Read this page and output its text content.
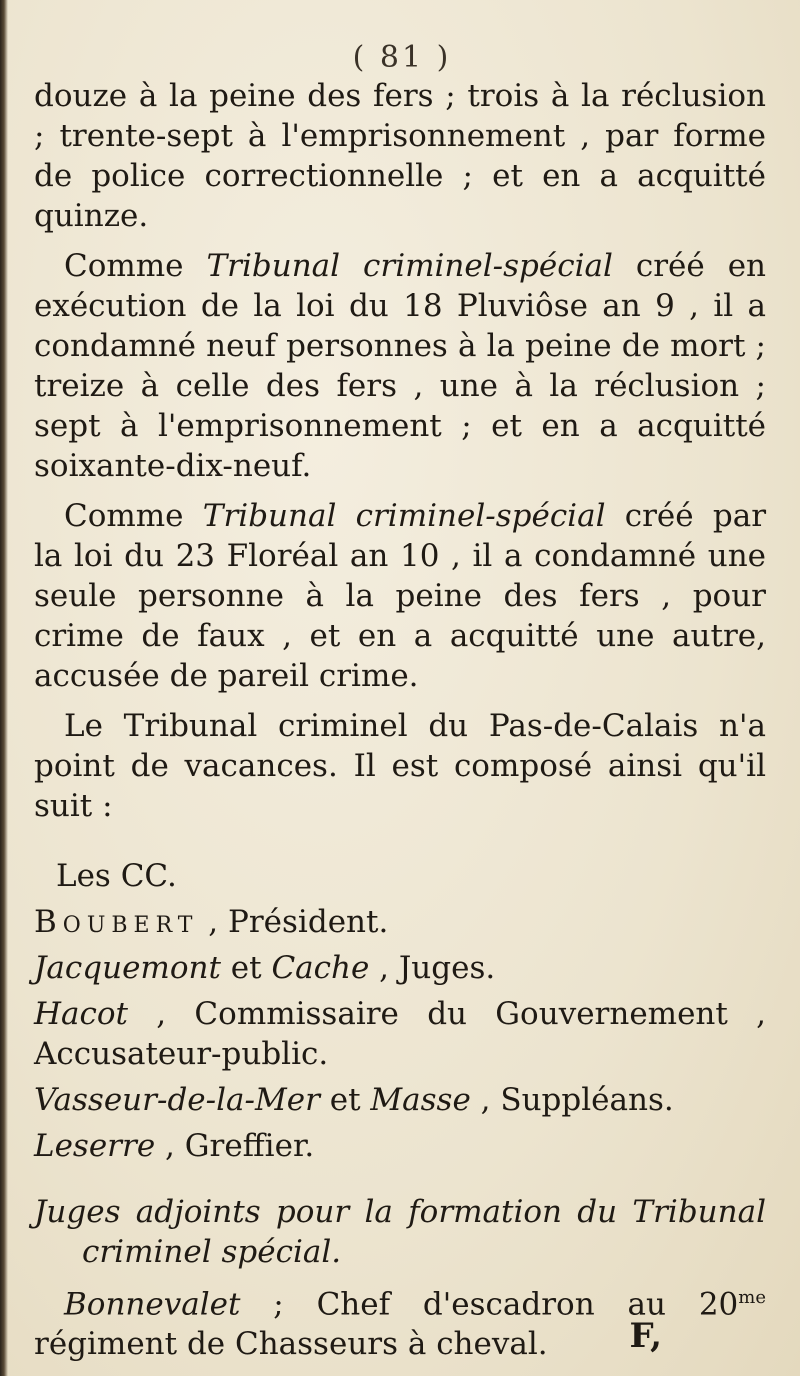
( 81 )

douze à la peine des fers ; trois à la réclusion ; trente-sept à l'emprisonnement , par forme de police correctionnelle ; et en a acquitté quinze.

Comme Tribunal criminel-spécial créé en exécution de la loi du 18 Pluviôse an 9 , il a condamné neuf personnes à la peine de mort ; treize à celle des fers , une à la réclusion ; sept à l'emprisonnement ; et en a acquitté soixante-dix-neuf.

Comme Tribunal criminel-spécial créé par la loi du 23 Floréal an 10 , il a condamné une seule personne à la peine des fers , pour crime de faux , et en a acquitté une autre, accusée de pareil crime.

Le Tribunal criminel du Pas-de-Calais n'a point de vacances. Il est composé ainsi qu'il suit :

Les CC.
Boubert , Président.
Jacquemont et Cache , Juges.
Hacot , Commissaire du Gouvernement , Accusateur-public.
Vasseur-de-la-Mer et Masse , Suppléans.
Leserre , Greffier.
Juges adjoints pour la formation du Tribunal criminel spécial.
Bonnevalet ; Chef d'escadron au $20^{me}$ régiment de Chasseurs à cheval.	F,
